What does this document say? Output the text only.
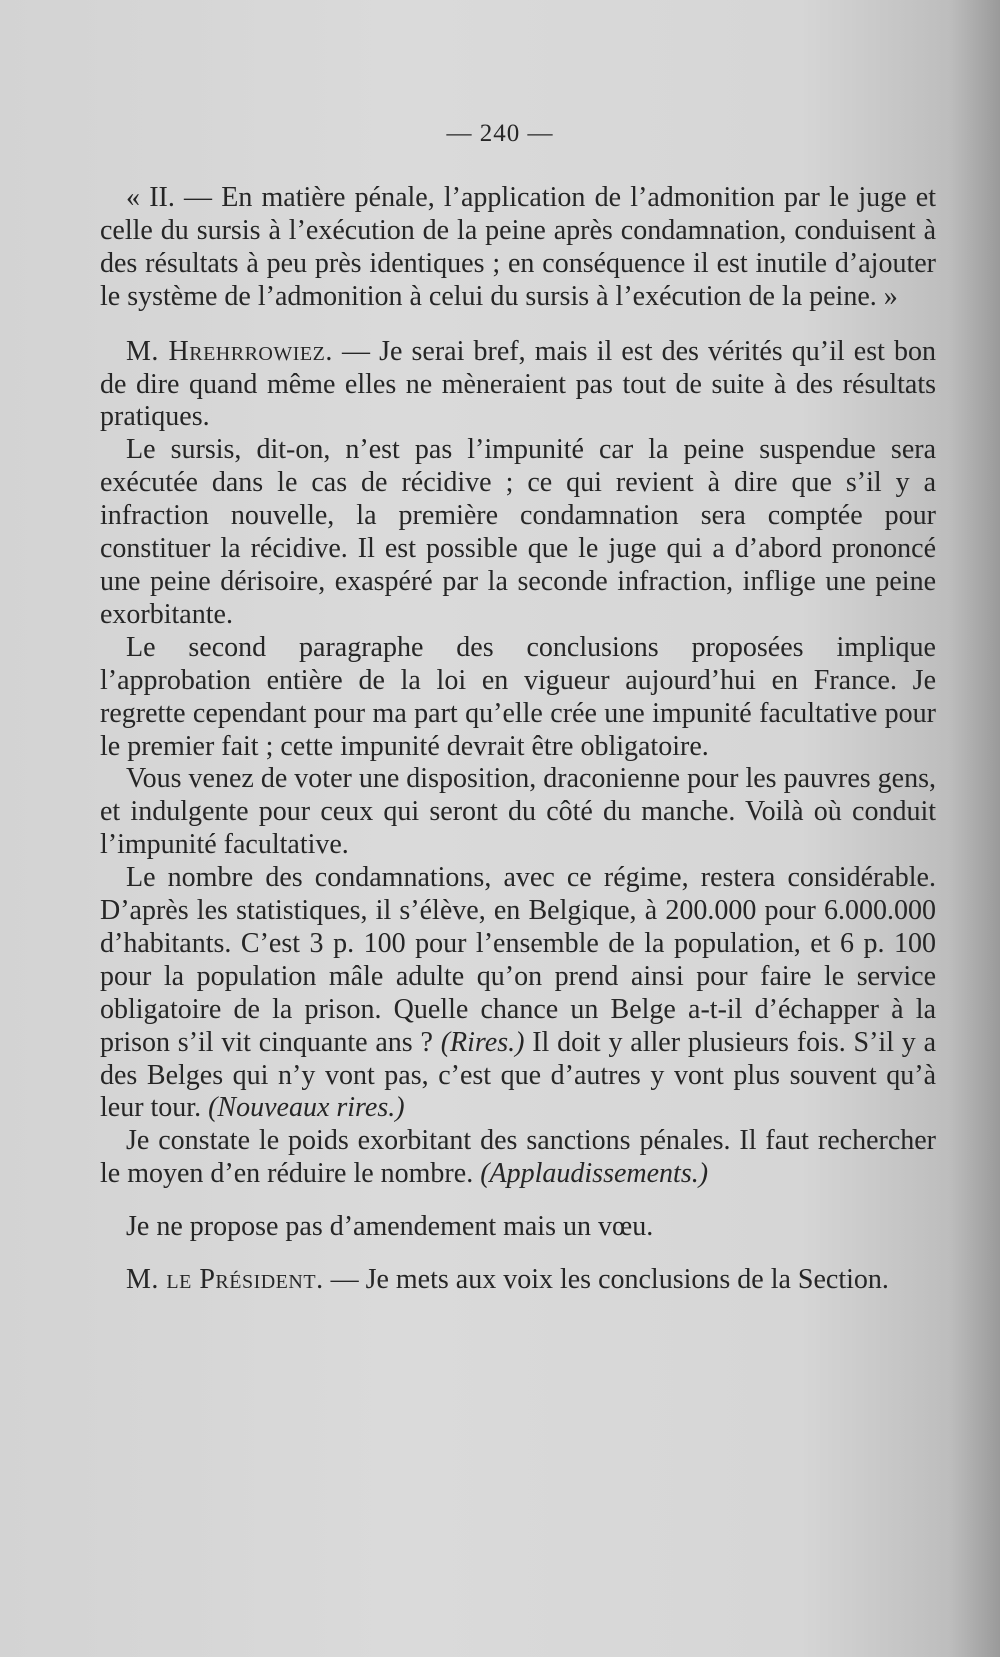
— 240 —

« II. — En matière pénale, l’application de l’admonition par le juge et celle du sursis à l’exécution de la peine après condamnation, conduisent à des résultats à peu près identiques ; en conséquence il est inutile d’ajouter le système de l’admonition à celui du sursis à l’exécution de la peine. »

M. Hrehrrowiez. — Je serai bref, mais il est des vérités qu’il est bon de dire quand même elles ne mèneraient pas tout de suite à des résultats pratiques.

Le sursis, dit-on, n’est pas l’impunité car la peine suspendue sera exécutée dans le cas de récidive ; ce qui revient à dire que s’il y a infraction nouvelle, la première condamnation sera comptée pour constituer la récidive. Il est possible que le juge qui a d’abord prononcé une peine dérisoire, exaspéré par la seconde infraction, inflige une peine exorbitante.

Le second paragraphe des conclusions proposées implique l’approbation entière de la loi en vigueur aujourd’hui en France. Je regrette cependant pour ma part qu’elle crée une impunité facultative pour le premier fait ; cette impunité devrait être obligatoire.

Vous venez de voter une disposition, draconienne pour les pauvres gens, et indulgente pour ceux qui seront du côté du manche. Voilà où conduit l’impunité facultative.

Le nombre des condamnations, avec ce régime, restera considérable. D’après les statistiques, il s’élève, en Belgique, à 200.000 pour 6.000.000 d’habitants. C’est 3 p. 100 pour l’ensemble de la population, et 6 p. 100 pour la population mâle adulte qu’on prend ainsi pour faire le service obligatoire de la prison. Quelle chance un Belge a-t-il d’échapper à la prison s’il vit cinquante ans ? (Rires.) Il doit y aller plusieurs fois. S’il y a des Belges qui n’y vont pas, c’est que d’autres y vont plus souvent qu’à leur tour. (Nouveaux rires.)

Je constate le poids exorbitant des sanctions pénales. Il faut rechercher le moyen d’en réduire le nombre. (Applaudissements.)

Je ne propose pas d’amendement mais un vœu.

M. le Président. — Je mets aux voix les conclusions de la Section.
